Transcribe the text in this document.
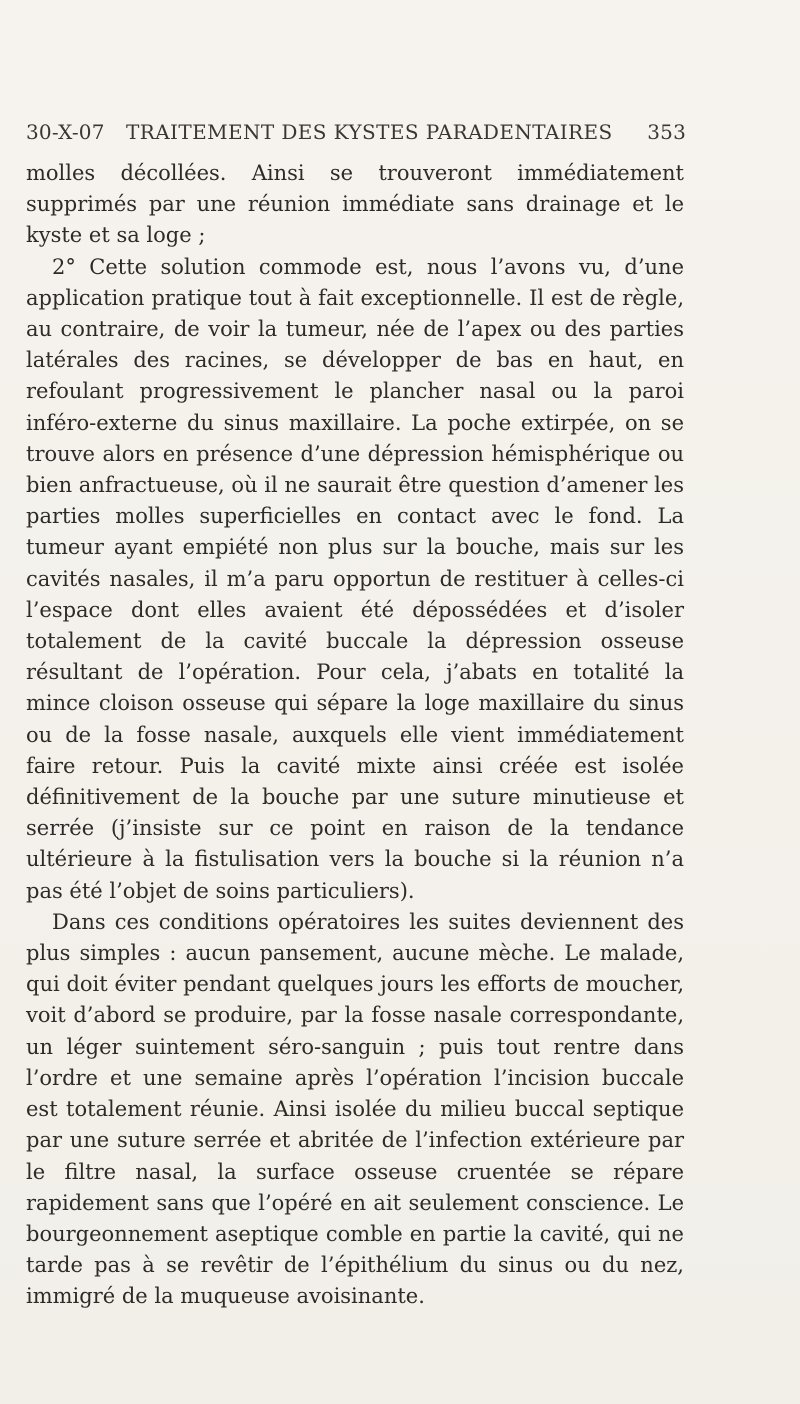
30-X-07 TRAITEMENT DES KYSTES PARADENTAIRES 353

molles décollées. Ainsi se trouveront immédiatement supprimés par une réunion immédiate sans drainage et le kyste et sa loge ;

2° Cette solution commode est, nous l’avons vu, d’une application pratique tout à fait exceptionnelle. Il est de règle, au contraire, de voir la tumeur, née de l’apex ou des parties latérales des racines, se développer de bas en haut, en refoulant progressivement le plancher nasal ou la paroi inféro-externe du sinus maxillaire. La poche extirpée, on se trouve alors en présence d’une dépression hémisphérique ou bien anfractueuse, où il ne saurait être question d’amener les parties molles superficielles en contact avec le fond. La tumeur ayant empiété non plus sur la bouche, mais sur les cavités nasales, il m’a paru opportun de restituer à celles-ci l’espace dont elles avaient été dépossédées et d’isoler totalement de la cavité buccale la dépression osseuse résultant de l’opération. Pour cela, j’abats en totalité la mince cloison osseuse qui sépare la loge maxillaire du sinus ou de la fosse nasale, auxquels elle vient immédiatement faire retour. Puis la cavité mixte ainsi créée est isolée définitivement de la bouche par une suture minutieuse et serrée (j’insiste sur ce point en raison de la tendance ultérieure à la fistulisation vers la bouche si la réunion n’a pas été l’objet de soins particuliers).

Dans ces conditions opératoires les suites deviennent des plus simples : aucun pansement, aucune mèche. Le malade, qui doit éviter pendant quelques jours les efforts de moucher, voit d’abord se produire, par la fosse nasale correspondante, un léger suintement séro-sanguin ; puis tout rentre dans l’ordre et une semaine après l’opération l’incision buccale est totalement réunie. Ainsi isolée du milieu buccal septique par une suture serrée et abritée de l’infection extérieure par le filtre nasal, la surface osseuse cruentée se répare rapidement sans que l’opéré en ait seulement conscience. Le bourgeonnement aseptique comble en partie la cavité, qui ne tarde pas à se revêtir de l’épithélium du sinus ou du nez, immigré de la muqueuse avoisinante.
